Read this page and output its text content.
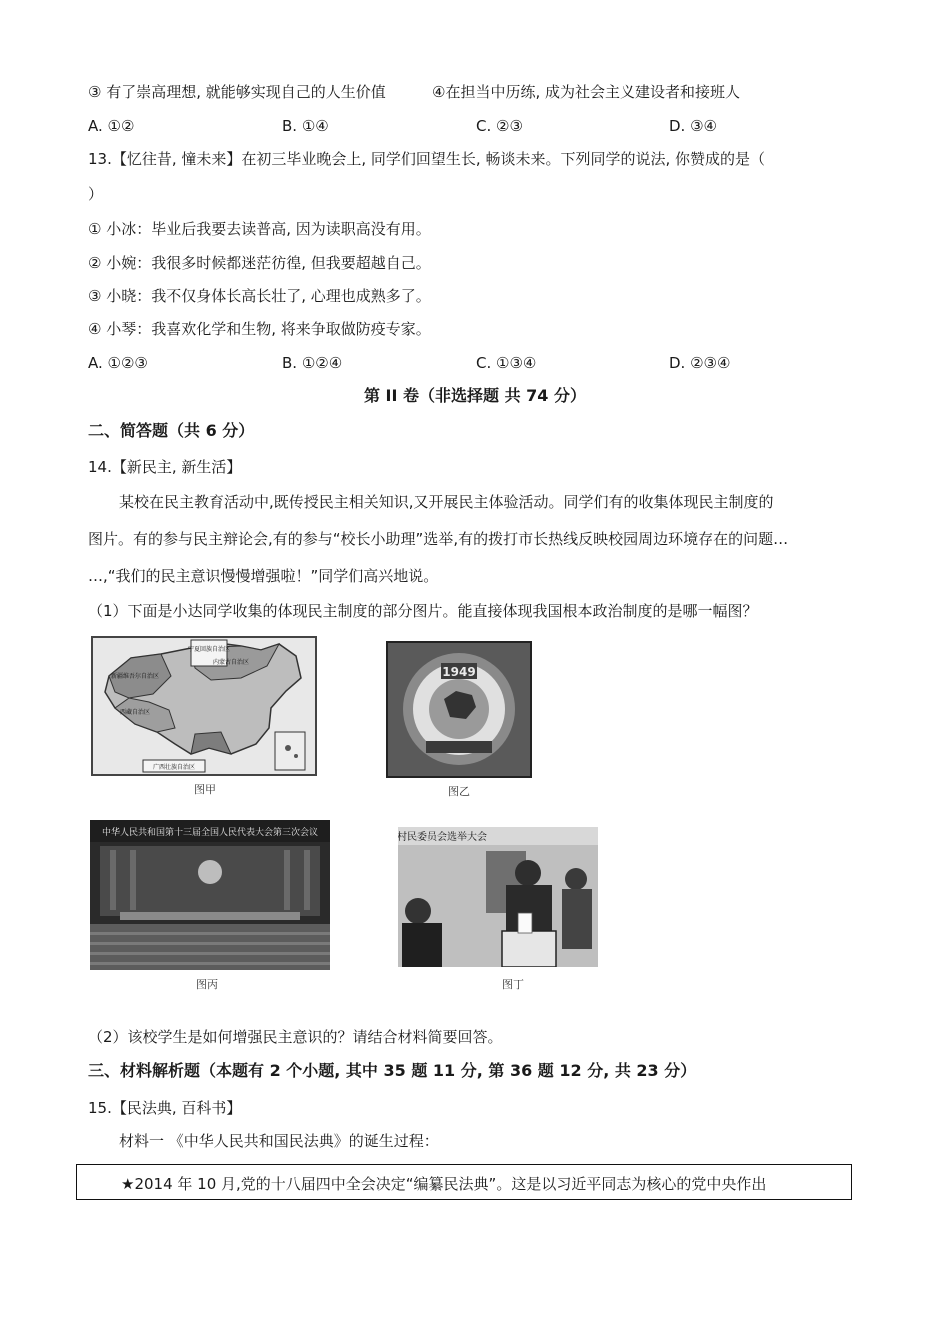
③ 有了崇高理想, 就能够实现自己的人生价值	④在担当中历练, 成为社会主义建设者和接班人
A. ①②	B. ①④	C. ②③	D. ③④
13.【忆往昔, 憧未来】在初三毕业晚会上, 同学们回望生长, 畅谈未来。下列同学的说法, 你赞成的是（
）
① 小冰：毕业后我要去读普高, 因为读职高没有用。
② 小婉：我很多时候都迷茫彷徨, 但我要超越自己。
③ 小晓：我不仅身体长高长壮了, 心理也成熟多了。
④ 小琴：我喜欢化学和生物, 将来争取做防疫专家。
A. ①②③	B. ①②④	C. ①③④	D. ②③④
第 II 卷（非选择题 共 74 分）
二、简答题（共 6 分）
14.【新民主, 新生活】
某校在民主教育活动中,既传授民主相关知识,又开展民主体验活动。同学们有的收集体现民主制度的
图片。有的参与民主辩论会,有的参与“校长小助理”选举,有的拨打市长热线反映校园周边环境存在的问题…
…,“我们的民主意识慢慢增强啦！”同学们高兴地说。
（1）下面是小达同学收集的体现民主制度的部分图片。能直接体现我国根本政治制度的是哪一幅图？
宁夏回族自治区
新疆维吾尔自治区
西藏自治区
内蒙古自治区
广西壮族自治区
图甲
1949
图乙
中华人民共和国第十三届全国人民代表大会第三次会议
图丙
村民委员会选举大会
图丁
（2）该校学生是如何增强民主意识的？请结合材料简要回答。
三、材料解析题（本题有 2 个小题, 其中 35 题 11 分, 第 36 题 12 分, 共 23 分）
15.【民法典, 百科书】
材料一 《中华人民共和国民法典》的诞生过程：
★2014 年 10 月,党的十八届四中全会决定“编纂民法典”。这是以习近平同志为核心的党中央作出
